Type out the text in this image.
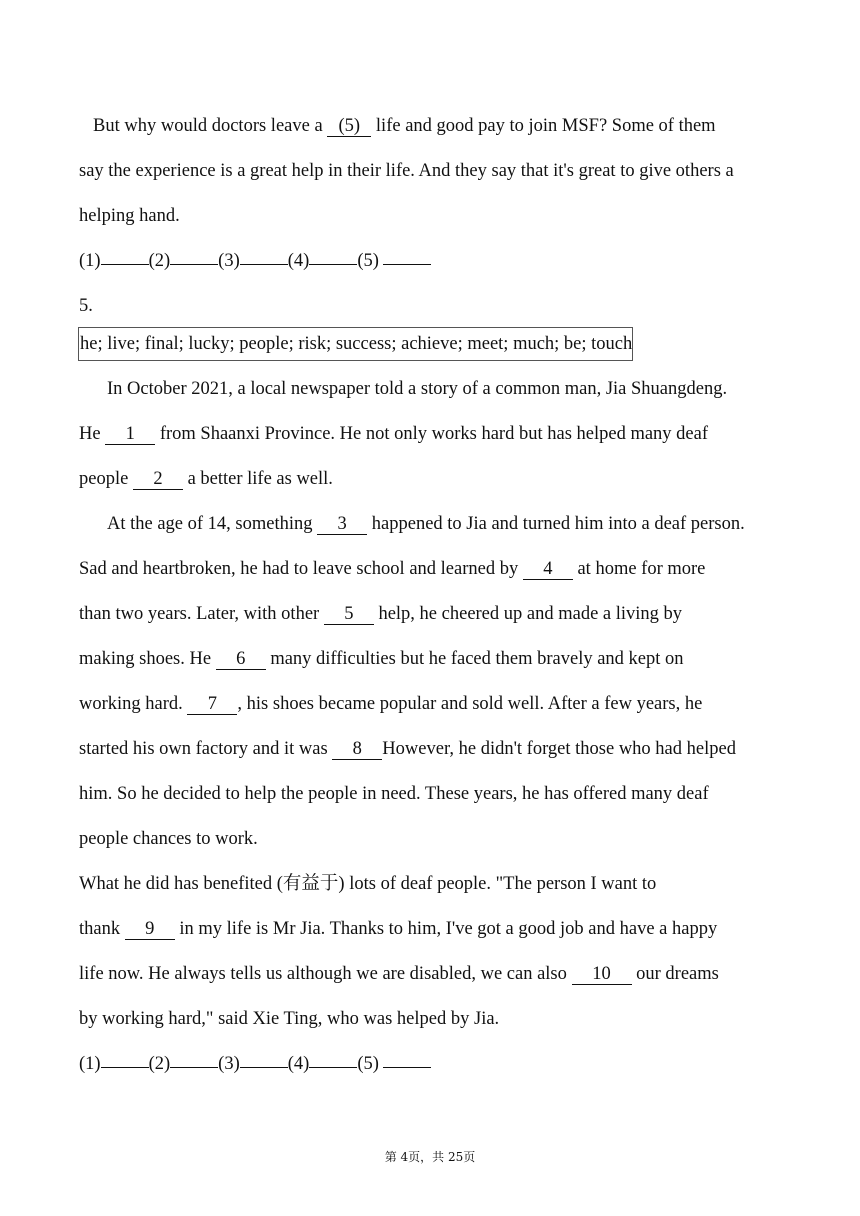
But why would doctors leave a (5) life and good pay to join MSF? Some of them

say the experience is a great help in their life. And they say that it's great to give others a

helping hand.

(1)	(2)	(3)	(4)	(5)

5.

he; live; final; lucky; people; risk; success; achieve; meet; much; be; touch

In October 2021, a local newspaper told a story of a common man, Jia Shuangdeng.

He 1 from Shaanxi Province. He not only works hard but has helped many deaf

people 2 a better life as well.

At the age of 14, something 3 happened to Jia and turned him into a deaf person.

Sad and heartbroken, he had to leave school and learned by 4 at home for more

than two years. Later, with other 5 help, he cheered up and made a living by

making shoes. He 6 many difficulties but he faced them bravely and kept on

working hard. 7 , his shoes became popular and sold well. After a few years, he

started his own factory and it was 8 However, he didn't forget those who had helped

him. So he decided to help the people in need. These years, he has offered many deaf

people chances to work.

What he did has benefited (有益于) lots of deaf people. "The person I want to

thank 9 in my life is Mr Jia. Thanks to him, I've got a good job and have a happy

life now. He always tells us although we are disabled, we can also 10 our dreams

by working hard," said Xie Ting, who was helped by Jia.

(1)	(2)	(3)	(4)	(5)

第 4页，共 25页
